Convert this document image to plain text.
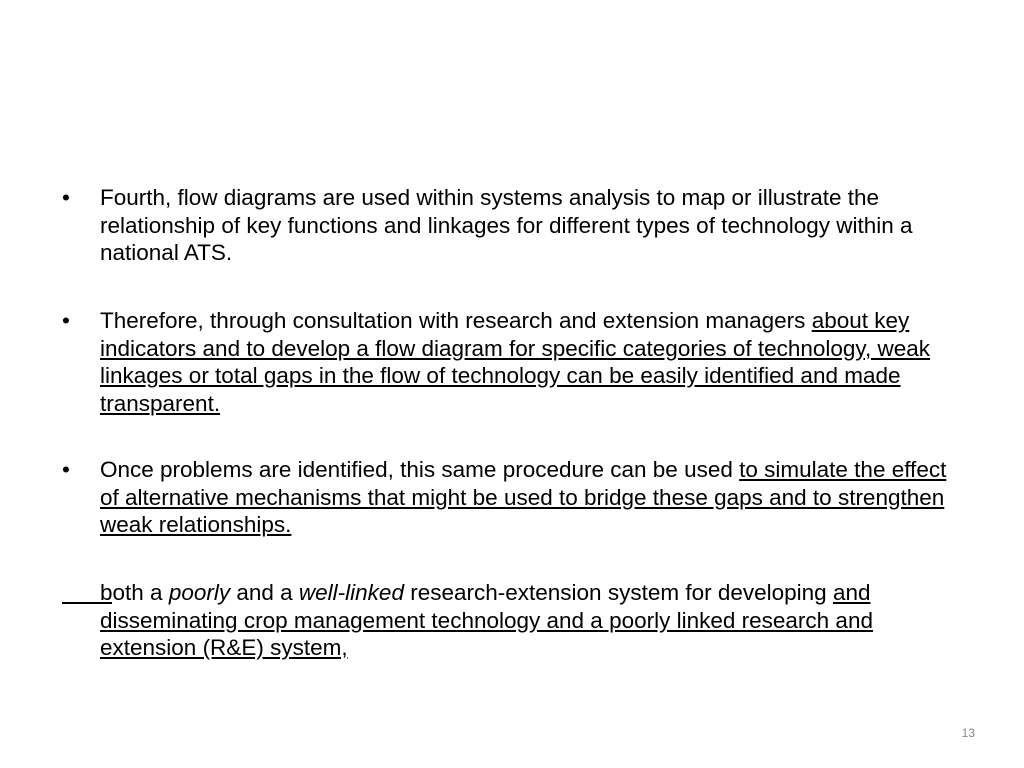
•	Fourth, flow diagrams are used within systems analysis to map or illustrate the relationship of key functions and linkages for different types of technology within a national ATS.
•	Therefore, through consultation with research and extension managers about key indicators and to develop a flow diagram for specific categories of technology, weak linkages or total gaps in the flow of technology can be easily identified and made transparent.
•	Once problems are identified, this same procedure can be used to simulate the effect of alternative mechanisms that might be used to bridge these gaps and to strengthen weak relationships.

both a poorly and a well-linked research-extension system for developing and disseminating crop management technology and a poorly linked research and extension (R&E) system,
13
